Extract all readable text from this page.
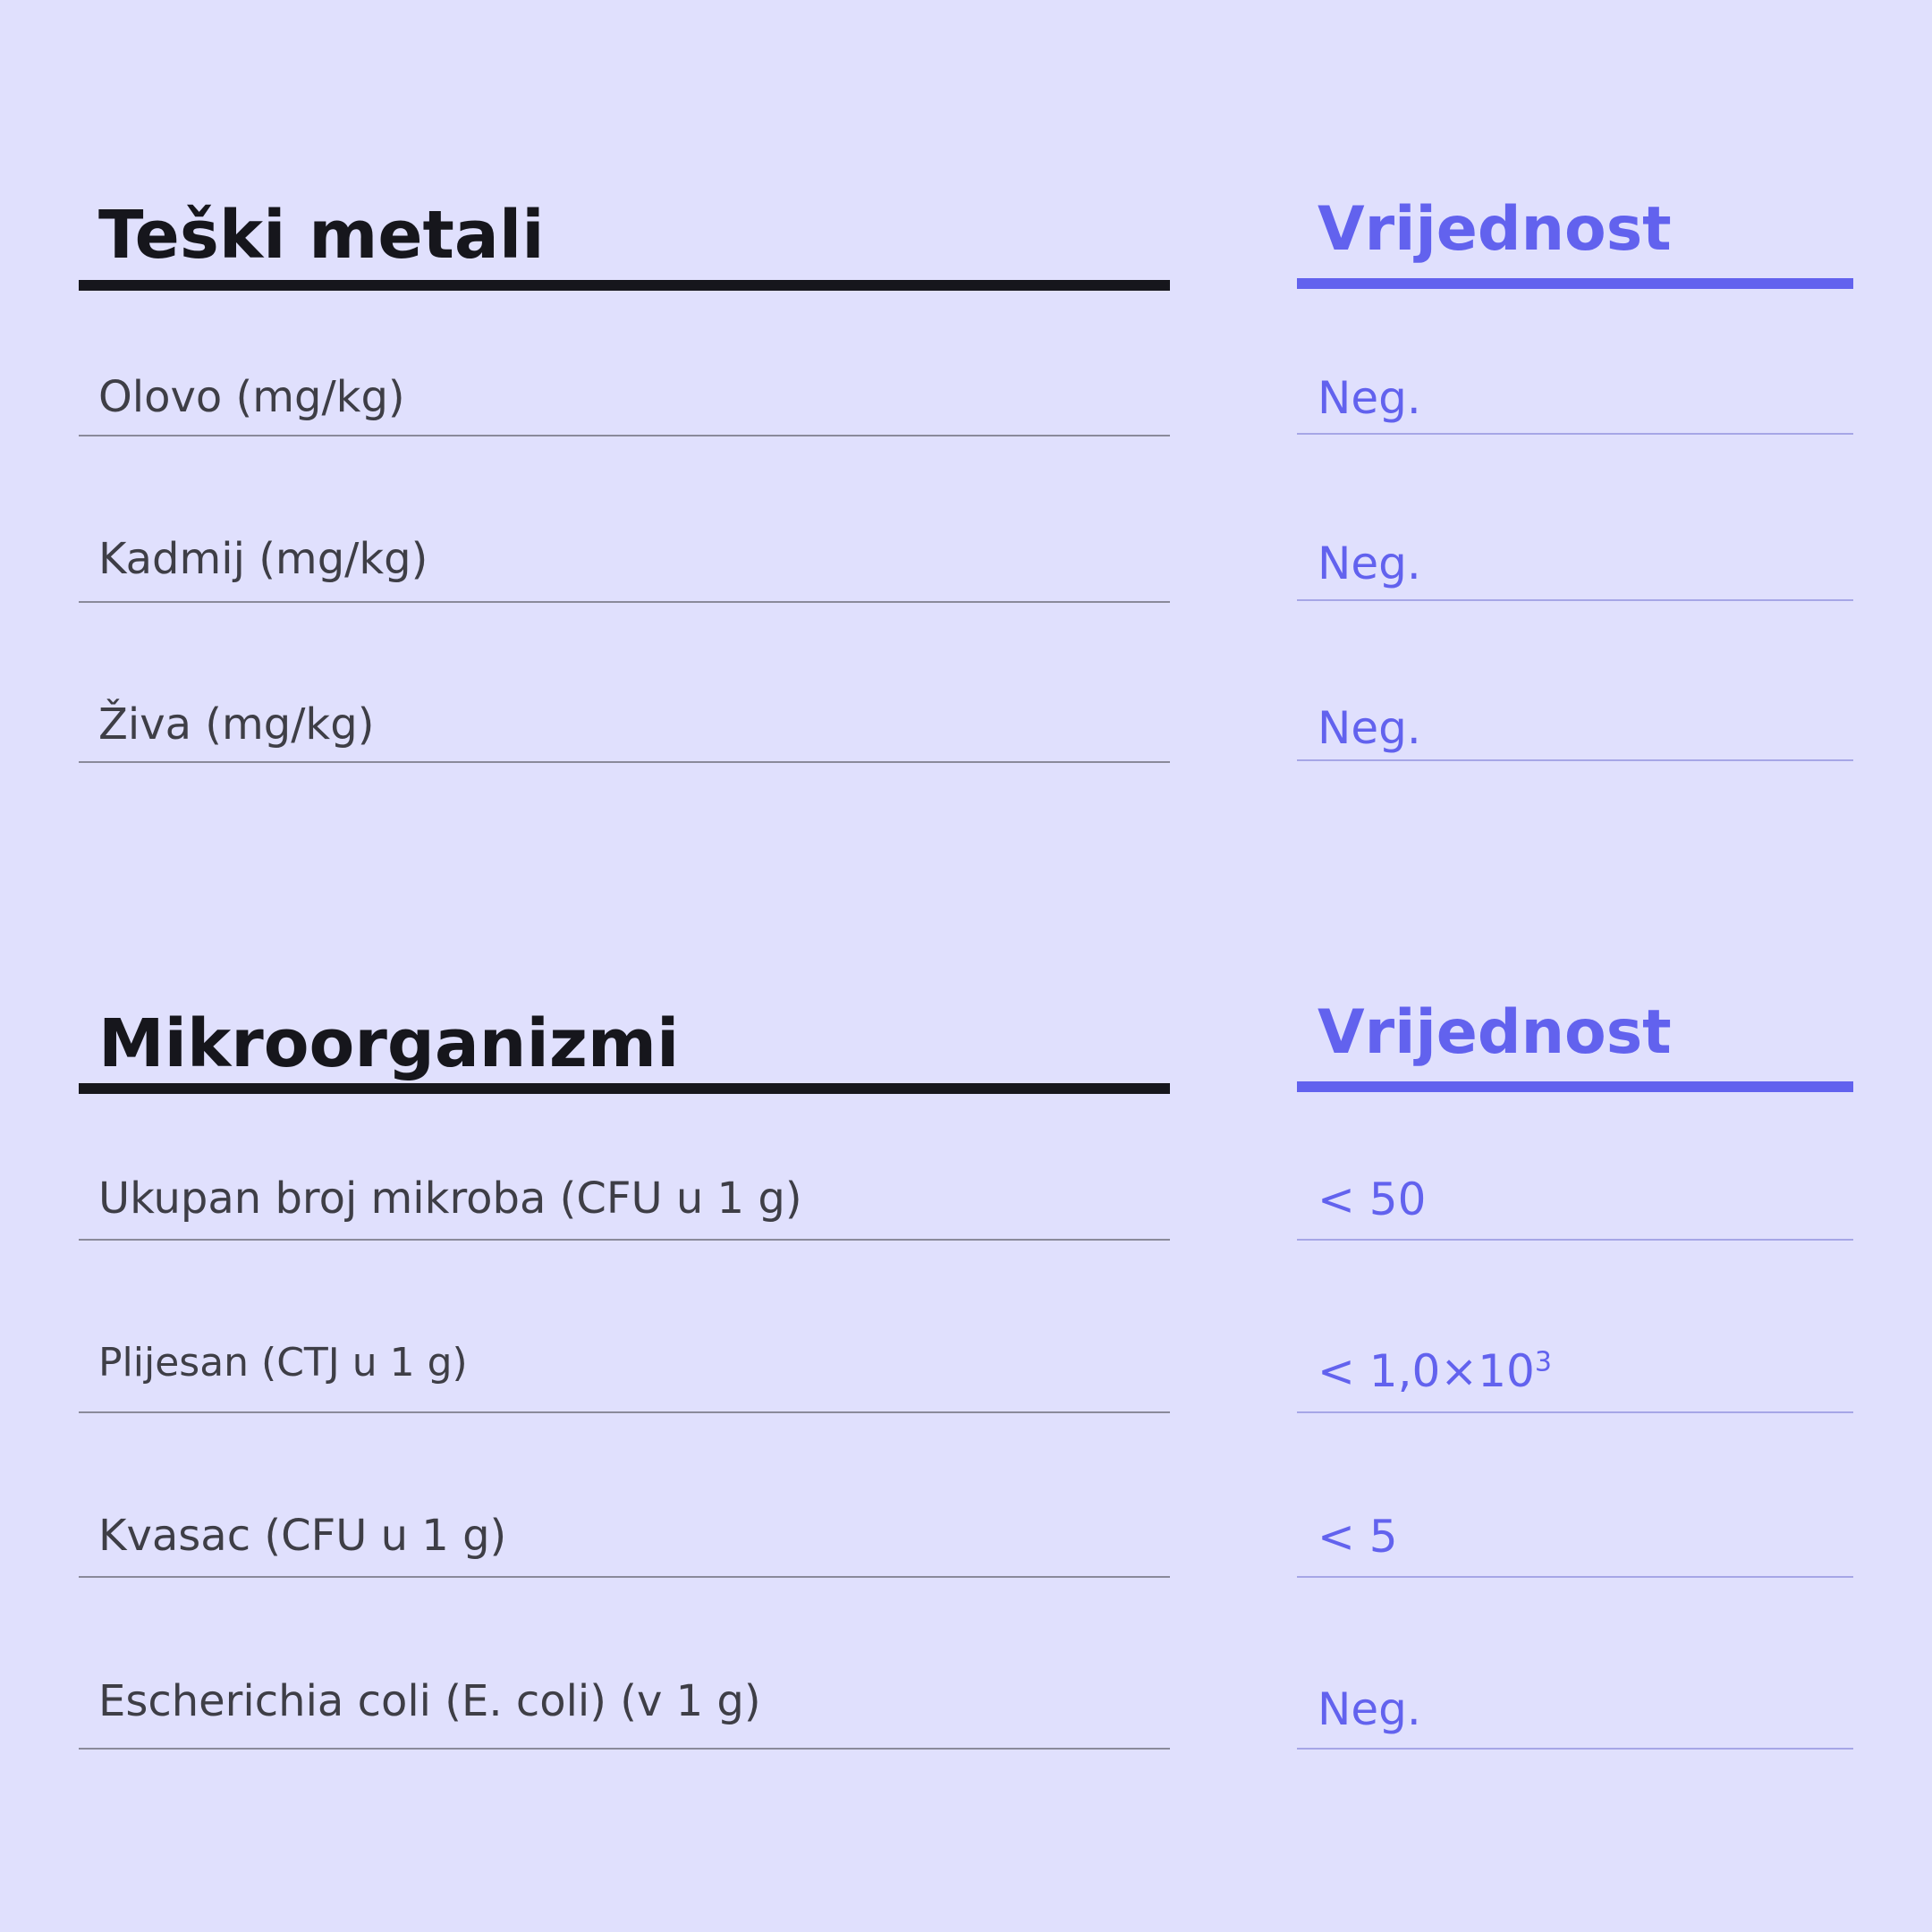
Teški metali	Vrijednost
Olovo (mg/kg)	Neg.
Kadmij (mg/kg)	Neg.
Živa (mg/kg)	Neg.
Mikroorganizmi	Vrijednost
Ukupan broj mikroba (CFU u 1 g)	< 50
Plijesan (CTJ u 1 g)	< $1,0\times 10^3$
Kvasac (CFU u 1 g)	< 5
Escherichia coli (E. coli) (v 1 g)	Neg.
